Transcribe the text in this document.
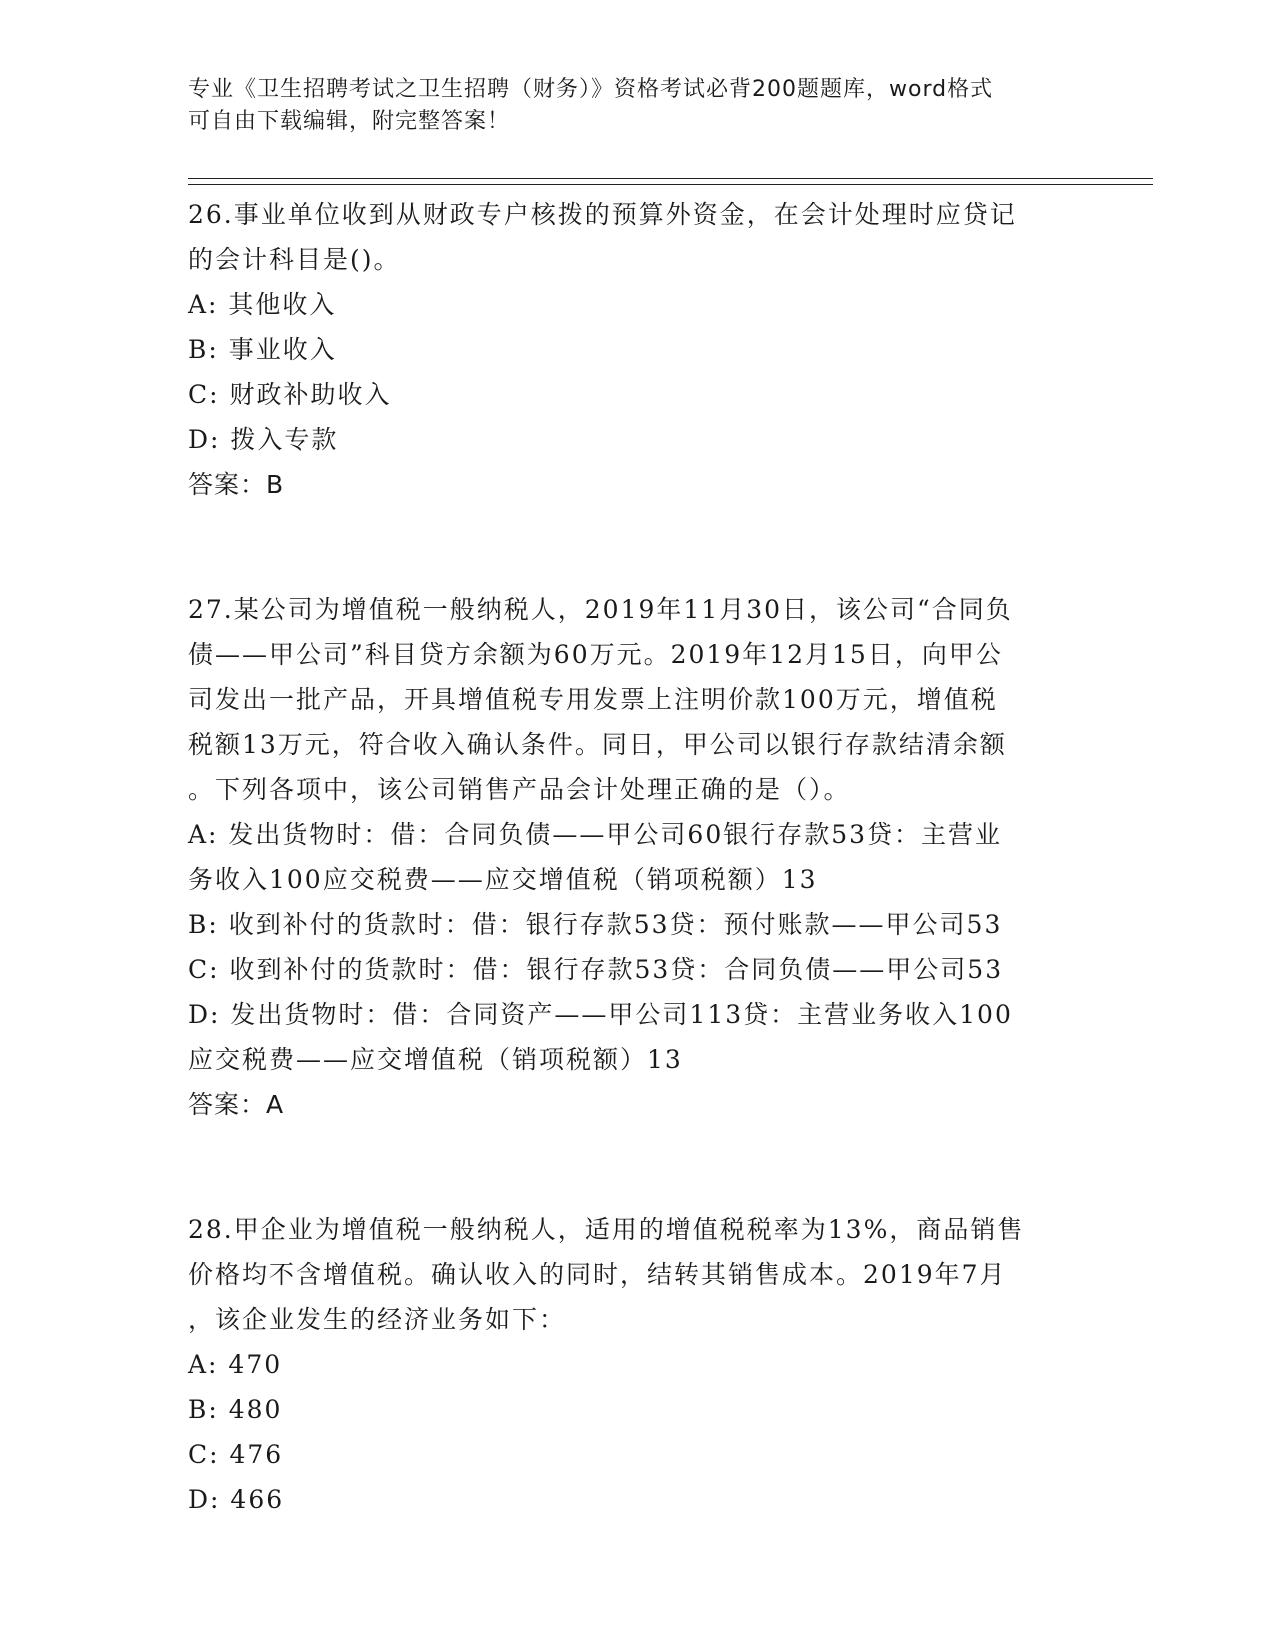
专业《卫生招聘考试之卫生招聘（财务）》资格考试必背200题题库，word格式
可自由下载编辑，附完整答案！

26.事业单位收到从财政专户核拨的预算外资金，在会计处理时应贷记
的会计科目是()。

A: 其他收入

B: 事业收入

C: 财政补助收入

D: 拨入专款

答案：B

27.某公司为增值税一般纳税人，2019年11月30日，该公司“合同负
债——甲公司”科目贷方余额为60万元。2019年12月15日，向甲公
司发出一批产品，开具增值税专用发票上注明价款100万元，增值税
税额13万元，符合收入确认条件。同日，甲公司以银行存款结清余额
。下列各项中，该公司销售产品会计处理正确的是（）。

A: 发出货物时：借：合同负债——甲公司60银行存款53贷：主营业
务收入100应交税费——应交增值税（销项税额）13

B: 收到补付的货款时：借：银行存款53贷：预付账款——甲公司53

C: 收到补付的货款时：借：银行存款53贷：合同负债——甲公司53

D: 发出货物时：借：合同资产——甲公司113贷：主营业务收入100
应交税费——应交增值税（销项税额）13

答案：A

28.甲企业为增值税一般纳税人，适用的增值税税率为13%，商品销售
价格均不含增值税。确认收入的同时，结转其销售成本。2019年7月
，该企业发生的经济业务如下：

A: 470

B: 480

C: 476

D: 466
